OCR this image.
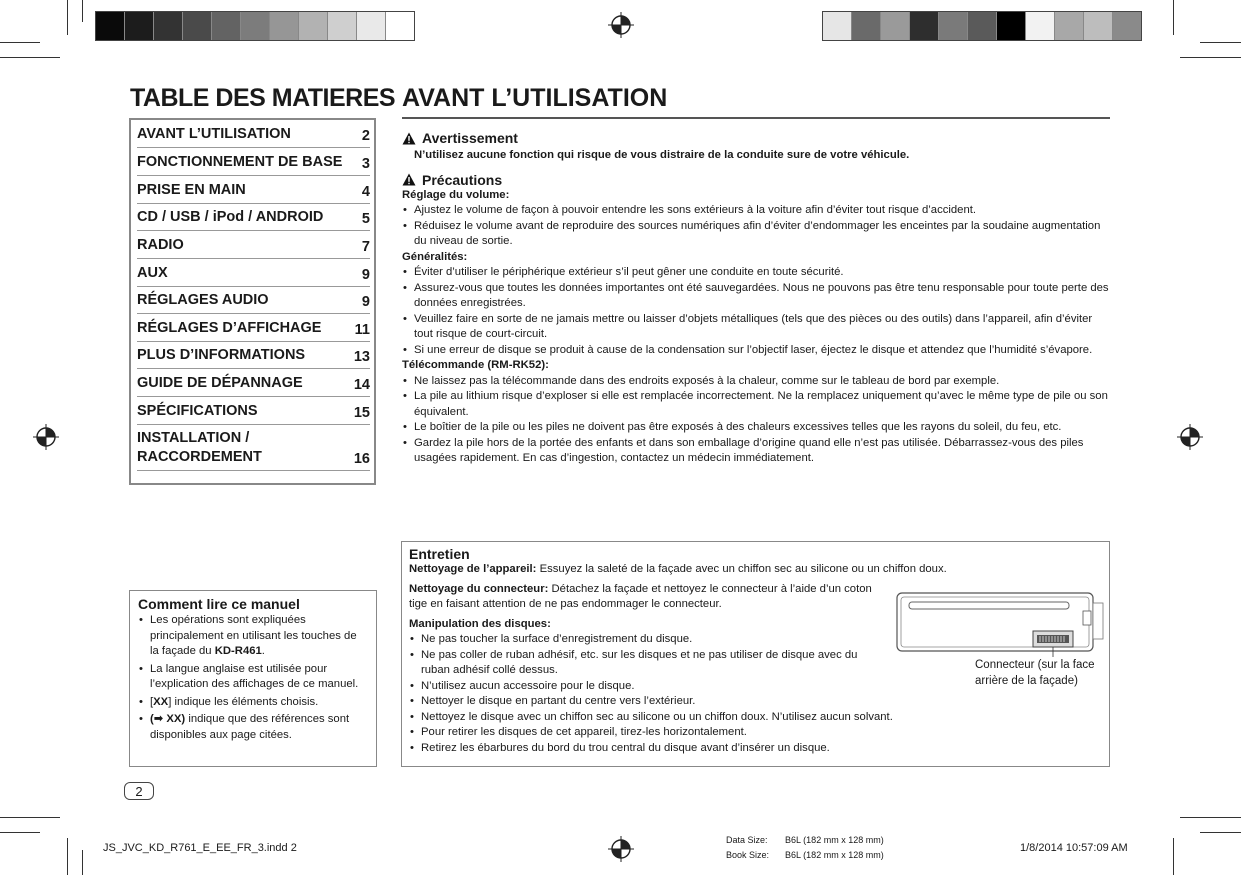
TABLE DES MATIERES
AVANT L’UTILISATION	2
FONCTIONNEMENT DE BASE 3
PRISE EN MAIN	4
CD / USB / iPod / ANDROID	5
RADIO	7
AUX	9
RÉGLAGES AUDIO	9
RÉGLAGES D’AFFICHAGE 11
PLUS D’INFORMATIONS	13
GUIDE DE DÉPANNAGE	14
SPÉCIFICATIONS	15
INSTALLATION /
RACCORDEMENT	16
AVANT L’UTILISATION
Avertissement
N’utilisez aucune fonction qui risque de vous distraire de la conduite sure de votre véhicule.
Précautions
Réglage du volume:
• Ajustez le volume de façon à pouvoir entendre les sons extérieurs à la voiture afin d’éviter tout risque d’accident.
• Réduisez le volume avant de reproduire des sources numériques afin d’éviter d’endommager les enceintes par la soudaine augmentation du niveau de sortie.
Généralités:
• Éviter d’utiliser le périphérique extérieur s’il peut gêner une conduite en toute sécurité.
• Assurez-vous que toutes les données importantes ont été sauvegardées. Nous ne pouvons pas être tenu responsable pour toute perte des données enregistrées.
• Veuillez faire en sorte de ne jamais mettre ou laisser d’objets métalliques (tels que des pièces ou des outils) dans l’appareil, afin d’éviter tout risque de court-circuit.
• Si une erreur de disque se produit à cause de la condensation sur l’objectif laser, éjectez le disque et attendez que l’humidité s’évapore.
Télécommande (RM-RK52):
• Ne laissez pas la télécommande dans des endroits exposés à la chaleur, comme sur le tableau de bord par exemple.
• La pile au lithium risque d’exploser si elle est remplacée incorrectement. Ne la remplacez uniquement qu’avec le même type de pile ou son équivalent.
• Le boîtier de la pile ou les piles ne doivent pas être exposés à des chaleurs excessives telles que les rayons du soleil, du feu, etc.
• Gardez la pile hors de la portée des enfants et dans son emballage d’origine quand elle n’est pas utilisée. Débarrassez-vous des piles usagées rapidement. En cas d’ingestion, contactez un médecin immédiatement.
Comment lire ce manuel
• Les opérations sont expliquées principalement en utilisant les touches de la façade du KD-R461.
• La langue anglaise est utilisée pour l’explication des affichages de ce manuel.
• [XX] indique les éléments choisis.
• (➡ XX) indique que des références sont disponibles aux page citées.
Entretien
Nettoyage de l’appareil: Essuyez la saleté de la façade avec un chiffon sec au silicone ou un chiffon doux.
Nettoyage du connecteur: Détachez la façade et nettoyez le connecteur à l’aide d’un coton tige en faisant attention de ne pas endommager le connecteur.
Manipulation des disques:
• Ne pas toucher la surface d’enregistrement du disque.
• Ne pas coller de ruban adhésif, etc. sur les disques et ne pas utiliser de disque avec du ruban adhésif collé dessus.
• N’utilisez aucun accessoire pour le disque.
• Nettoyer le disque en partant du centre vers l’extérieur.
• Nettoyez le disque avec un chiffon sec au silicone ou un chiffon doux. N’utilisez aucun solvant.
• Pour retirer les disques de cet appareil, tirez-les horizontalement.
• Retirez les ébarbures du bord du trou central du disque avant d’insérer un disque.
Connecteur (sur la face arrière de la façade)
2
JS_JVC_KD_R761_E_EE_FR_3.indd 2
Data Size: B6L (182 mm x 128 mm)
Book Size: B6L (182 mm x 128 mm)
1/8/2014 10:57:09 AM
